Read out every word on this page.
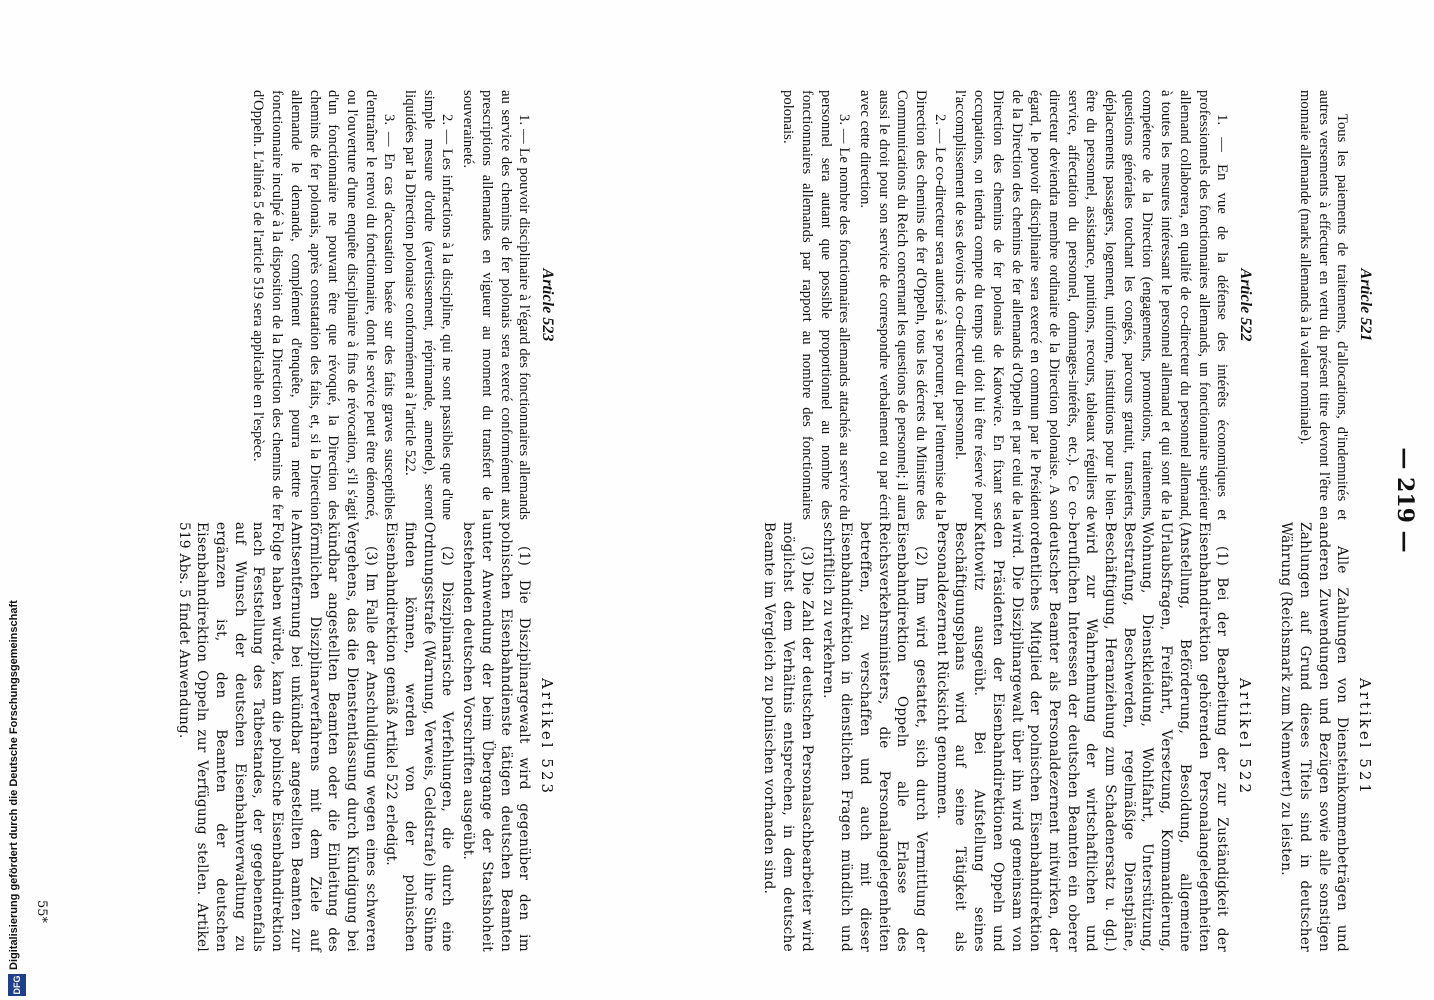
— 219 —
Article 521

Tous les paiements de traitements, d'allocations, d'indemnités et autres versements à effectuer en vertu du présent titre devront l'être en monnaie allemande (marks allemands à la valeur nominale).

Article 522

1. — En vue de la défense des intérêts économiques et professionnels des fonctionnaires allemands, un fonctionnaire supérieur allemand collaborera, en qualité de co-directeur du personnel allemand, à toutes les mesures intéressant le personnel allemand et qui sont de la compétence de la Direction (engagements, promotions, traitements, questions générales touchant les congés, parcours gratuit, transferts, déplacements passagers, logement, uniforme, institutions pour le bien-être du personnel, assistance, punitions, recours, tableaux réguliers de service, affectation du personnel, dommages-intérêts, etc.). Ce co-directeur deviendra membre ordinaire de la Direction polonaise. A son égard, le pouvoir disciplinaire sera exercé en commun par le Président de la Direction des chemins de fer allemands d'Oppeln et par celui de la Direction des chemins de fer polonais de Katowice. En fixant ses occupations, on tiendra compte du temps qui doit lui être réservé pour l'accomplissement de ses devoirs de co-directeur du personnel.

2. — Le co-directeur sera autorisé à se procurer, par l'entremise de la Direction des chemins de fer d'Oppeln, tous les décrets du Ministre des Communications du Reich concernant les questions de personnel; il aura aussi le droit pour son service de correspondre verbalement ou par écrit avec cette direction.

3. — Le nombre des fonctionnaires allemands attachés au service du personnel sera autant que possible proportionnel au nombre des fonctionnaires allemands par rapport au nombre des fonctionnaires polonais.

Article 523

1. — Le pouvoir disciplinaire à l'égard des fonctionnaires allemands au service des chemins de fer polonais sera exercé conformément aux prescriptions allemandes en vigueur au moment du transfert de la souveraineté.

2. — Les infractions à la discipline, qui ne sont passibles que d'une simple mesure d'ordre (avertissement, réprimande, amende), seront liquidées par la Direction polonaise conformément à l'article 522.

3. — En cas d'accusation basée sur des faits graves susceptibles d'entraîner le renvoi du fonctionnaire, dont le service peut être dénoncé, ou l'ouverture d'une enquête disciplinaire à fins de révocation, s'il s'agit d'un fonctionnaire ne pouvant être que révoqué, la Direction des chemins de fer polonais, après constatation des faits, et, si la Direction allemande le demande, complément d'enquête, pourra mettre le fonctionnaire inculpé à la disposition de la Direction des chemins de fer d'Oppeln. L'alinéa 5 de l'article 519 sera applicable en l'espèce.

Artikel 521

Alle Zahlungen von Diensteinkommenbeträgen und anderen Zuwendungen und Bezügen sowie alle sonstigen Zahlungen auf Grund dieses Titels sind in deutscher Währung (Reichsmark zum Nennwert) zu leisten.

Artikel 522

(1) Bei der Bearbeitung der zur Zuständigkeit der Eisenbahndirektion gehörenden Personalangelegenheiten (Anstellung, Beförderung, Besoldung, allgemeine Urlaubsfragen, Freifahrt, Versetzung, Kommandierung, Wohnung, Dienstkleidung, Wohlfahrt, Unterstützung, Bestrafung, Beschwerden, regelmäßige Dienstpläne, Beschäftigung, Heranziehung zum Schadenersatz u. dgl.) wird zur Wahrnehmung der wirtschaftlichen und beruflichen Interessen der deutschen Beamten ein oberer deutscher Beamter als Personaldezernent mitwirken, der ordentliches Mitglied der polnischen Eisenbahndirektion wird. Die Disziplinargewalt über ihn wird gemeinsam von den Präsidenten der Eisenbahndirektionen Oppeln und Kattowitz ausgeübt. Bei Aufstellung seines Beschäftigungsplans wird auf seine Tätigkeit als Personaldezernent Rücksicht genommen.

(2) Ihm wird gestattet, sich durch Vermittlung der Eisenbahndirektion Oppeln alle Erlasse des Reichsverkehrsministers, die Personalangelegenheiten betreffen, zu verschaffen und auch mit dieser Eisenbahndirektion in dienstlichen Fragen mündlich und schriftlich zu verkehren.

(3) Die Zahl der deutschen Personalsachbearbeiter wird möglichst dem Verhältnis entsprechen, in dem deutsche Beamte im Vergleich zu polnischen vorhanden sind.

Artikel 523

(1) Die Disziplinargewalt wird gegenüber den im polnischen Eisenbahndienste tätigen deutschen Beamten unter Anwendung der beim Übergange der Staatshoheit bestehenden deutschen Vorschriften ausgeübt.

(2) Disziplinarische Verfehlungen, die durch eine Ordnungsstrafe (Warnung, Verweis, Geldstrafe) ihre Sühne finden können, werden von der polnischen Eisenbahndirektion gemäß Artikel 522 erledigt.

(3) Im Falle der Anschuldigung wegen eines schweren Vergehens, das die Dienstentlassung durch Kündigung bei kündbar angestellten Beamten oder die Einleitung des förmlichen Disziplinarverfahrens mit dem Ziele auf Amtsentfernung bei unkündbar angestellten Beamten zur Folge haben würde, kann die polnische Eisenbahndirektion nach Feststellung des Tatbestandes, der gegebenenfalls auf Wunsch der deutschen Eisenbahnverwaltung zu ergänzen ist, den Beamten der deutschen Eisenbahndirektion Oppeln zur Verfügung stellen. Artikel 519 Abs. 5 findet Anwendung.

55*
DFG
Digitalisierung gefördert durch die Deutsche Forschungsgemeinschaft
